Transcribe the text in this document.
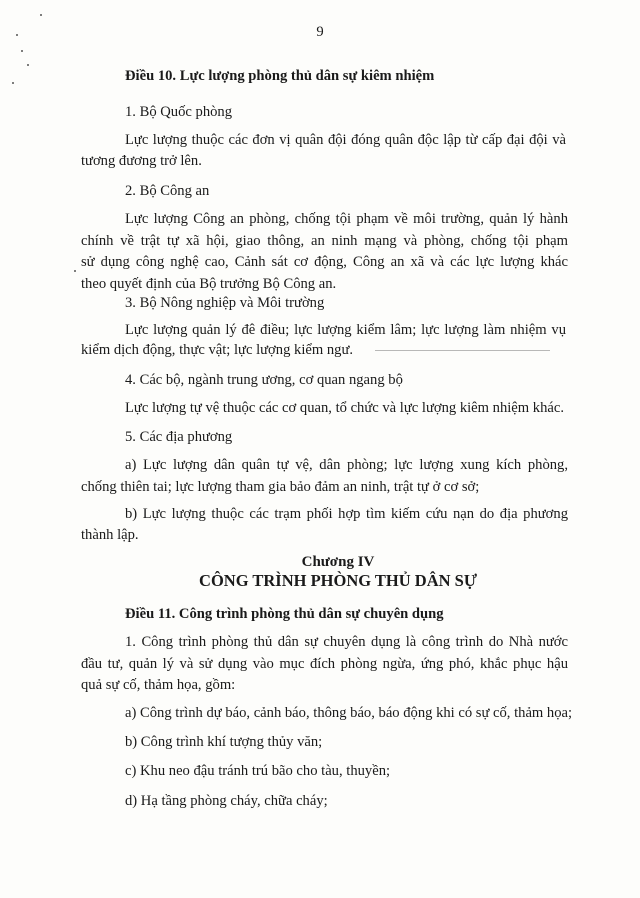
9
Điều 10. Lực lượng phòng thủ dân sự kiêm nhiệm
1. Bộ Quốc phòng
Lực lượng thuộc các đơn vị quân đội đóng quân độc lập từ cấp đại đội và
tương đương trở lên.
2. Bộ Công an
Lực lượng Công an phòng, chống tội phạm về môi trường, quản lý hành
chính về trật tự xã hội, giao thông, an ninh mạng và phòng, chống tội phạm
sử dụng công nghệ cao, Cảnh sát cơ động, Công an xã và các lực lượng khác
theo quyết định của Bộ trưởng Bộ Công an.
3. Bộ Nông nghiệp và Môi trường
Lực lượng quản lý đê điều; lực lượng kiểm lâm; lực lượng làm nhiệm vụ
kiểm dịch động, thực vật; lực lượng kiểm ngư.
4. Các bộ, ngành trung ương, cơ quan ngang bộ
Lực lượng tự vệ thuộc các cơ quan, tổ chức và lực lượng kiêm nhiệm khác.
5. Các địa phương
a) Lực lượng dân quân tự vệ, dân phòng; lực lượng xung kích phòng,
chống thiên tai; lực lượng tham gia bảo đảm an ninh, trật tự ở cơ sở;
b) Lực lượng thuộc các trạm phối hợp tìm kiếm cứu nạn do địa phương
thành lập.
Chương IV
CÔNG TRÌNH PHÒNG THỦ DÂN SỰ
Điều 11. Công trình phòng thủ dân sự chuyên dụng
1. Công trình phòng thủ dân sự chuyên dụng là công trình do Nhà nước
đầu tư, quản lý và sử dụng vào mục đích phòng ngừa, ứng phó, khắc phục hậu
quả sự cố, thảm họa, gồm:
a) Công trình dự báo, cảnh báo, thông báo, báo động khi có sự cố, thảm họa;
b) Công trình khí tượng thủy văn;
c) Khu neo đậu tránh trú bão cho tàu, thuyền;
d) Hạ tầng phòng cháy, chữa cháy;
